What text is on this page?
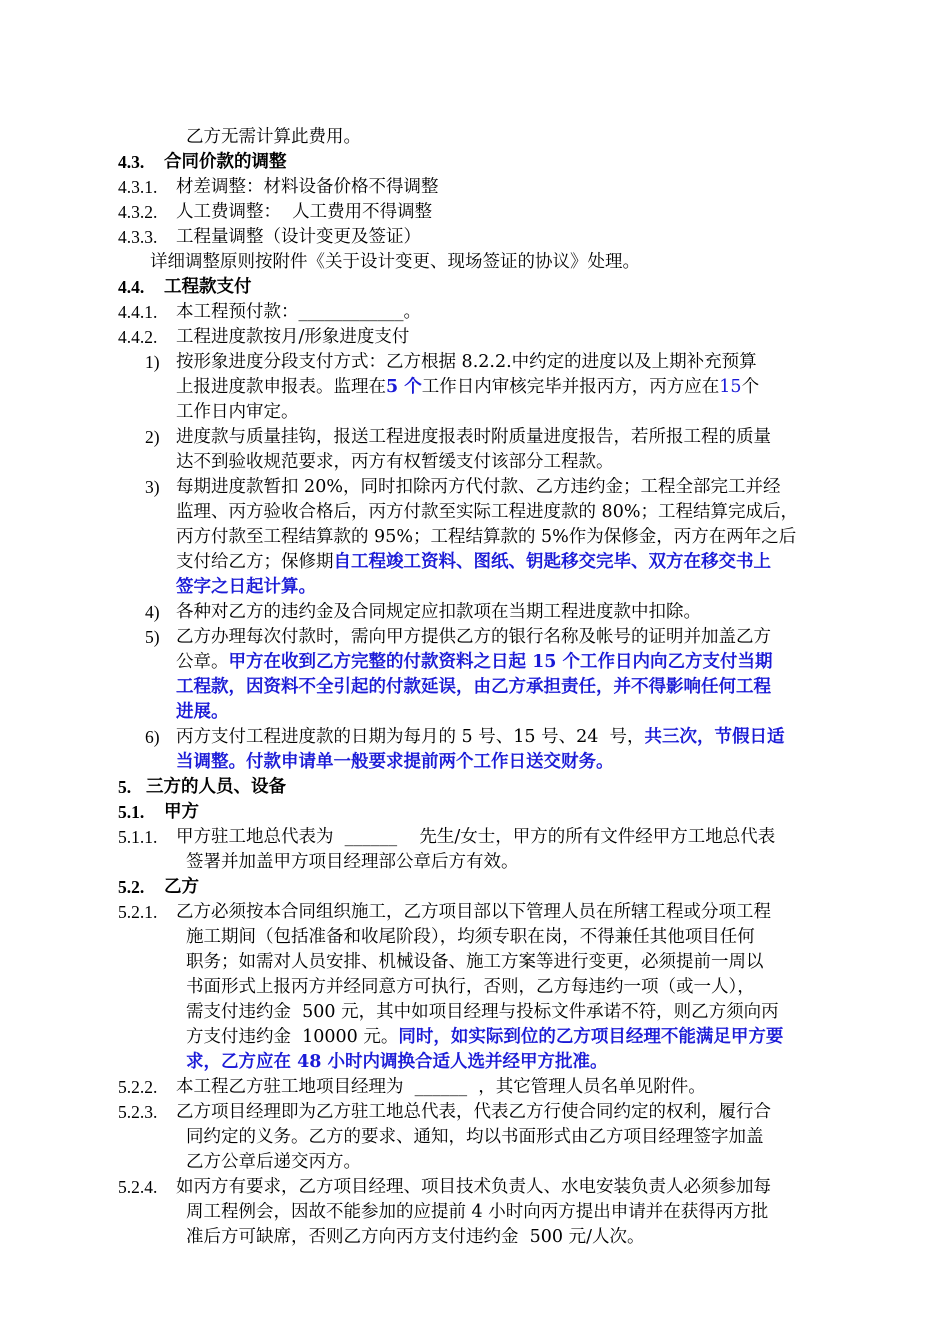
乙方无需计算此费用。
4.3. 合同价款的调整
4.3.1. 材差调整：材料设备价格不得调整
4.3.2. 人工费调整：  人工费用不得调整
4.3.3. 工程量调整（设计变更及签证）
详细调整原则按附件《关于设计变更、现场签证的协议》处理。
4.4. 工程款支付
4.4.1. 本工程预付款：____________。
4.4.2. 工程进度款按月/形象进度支付
1) 按形象进度分段支付方式：乙方根据 8.2.2.中约定的进度以及上期补充预算
上报进度款申报表。监理在5 个工作日内审核完毕并报丙方，丙方应在15个
工作日内审定。
2) 进度款与质量挂钩，报送工程进度报表时附质量进度报告，若所报工程的质量
达不到验收规范要求，丙方有权暂缓支付该部分工程款。
3) 每期进度款暂扣 20%，同时扣除丙方代付款、乙方违约金；工程全部完工并经
监理、丙方验收合格后，丙方付款至实际工程进度款的 80%；工程结算完成后，
丙方付款至工程结算款的 95%；工程结算款的 5%作为保修金，丙方在两年之后
支付给乙方；保修期自工程竣工资料、图纸、钥匙移交完毕、双方在移交书上
签字之日起计算。
4) 各种对乙方的违约金及合同规定应扣款项在当期工程进度款中扣除。
5) 乙方办理每次付款时，需向甲方提供乙方的银行名称及帐号的证明并加盖乙方
公章。甲方在收到乙方完整的付款资料之日起 15 个工作日内向乙方支付当期
工程款，因资料不全引起的付款延误，由乙方承担责任，并不得影响任何工程
进展。
6) 丙方支付工程进度款的日期为每月的 5 号、15 号、24  号，共三次，节假日适
当调整。付款申请单一般要求提前两个工作日送交财务。
5. 三方的人员、设备
5.1. 甲方
5.1.1. 甲方驻工地总代表为  ______    先生/女士，甲方的所有文件经甲方工地总代表
签署并加盖甲方项目经理部公章后方有效。
5.2. 乙方
5.2.1. 乙方必须按本合同组织施工，乙方项目部以下管理人员在所辖工程或分项工程
施工期间（包括准备和收尾阶段），均须专职在岗，不得兼任其他项目任何
职务；如需对人员安排、机械设备、施工方案等进行变更，必须提前一周以
书面形式上报丙方并经同意方可执行，否则，乙方每违约一项（或一人），
需支付违约金  500 元，其中如项目经理与投标文件承诺不符，则乙方须向丙
方支付违约金  10000 元。同时，如实际到位的乙方项目经理不能满足甲方要
求，乙方应在 48 小时内调换合适人选并经甲方批准。
5.2.2. 本工程乙方驻工地项目经理为  ______  ，其它管理人员名单见附件。
5.2.3. 乙方项目经理即为乙方驻工地总代表，代表乙方行使合同约定的权利，履行合
同约定的义务。乙方的要求、通知，均以书面形式由乙方项目经理签字加盖
乙方公章后递交丙方。
5.2.4. 如丙方有要求，乙方项目经理、项目技术负责人、水电安装负责人必须参加每
周工程例会，因故不能参加的应提前 4 小时向丙方提出申请并在获得丙方批
准后方可缺席，否则乙方向丙方支付违约金  500 元/人次。
